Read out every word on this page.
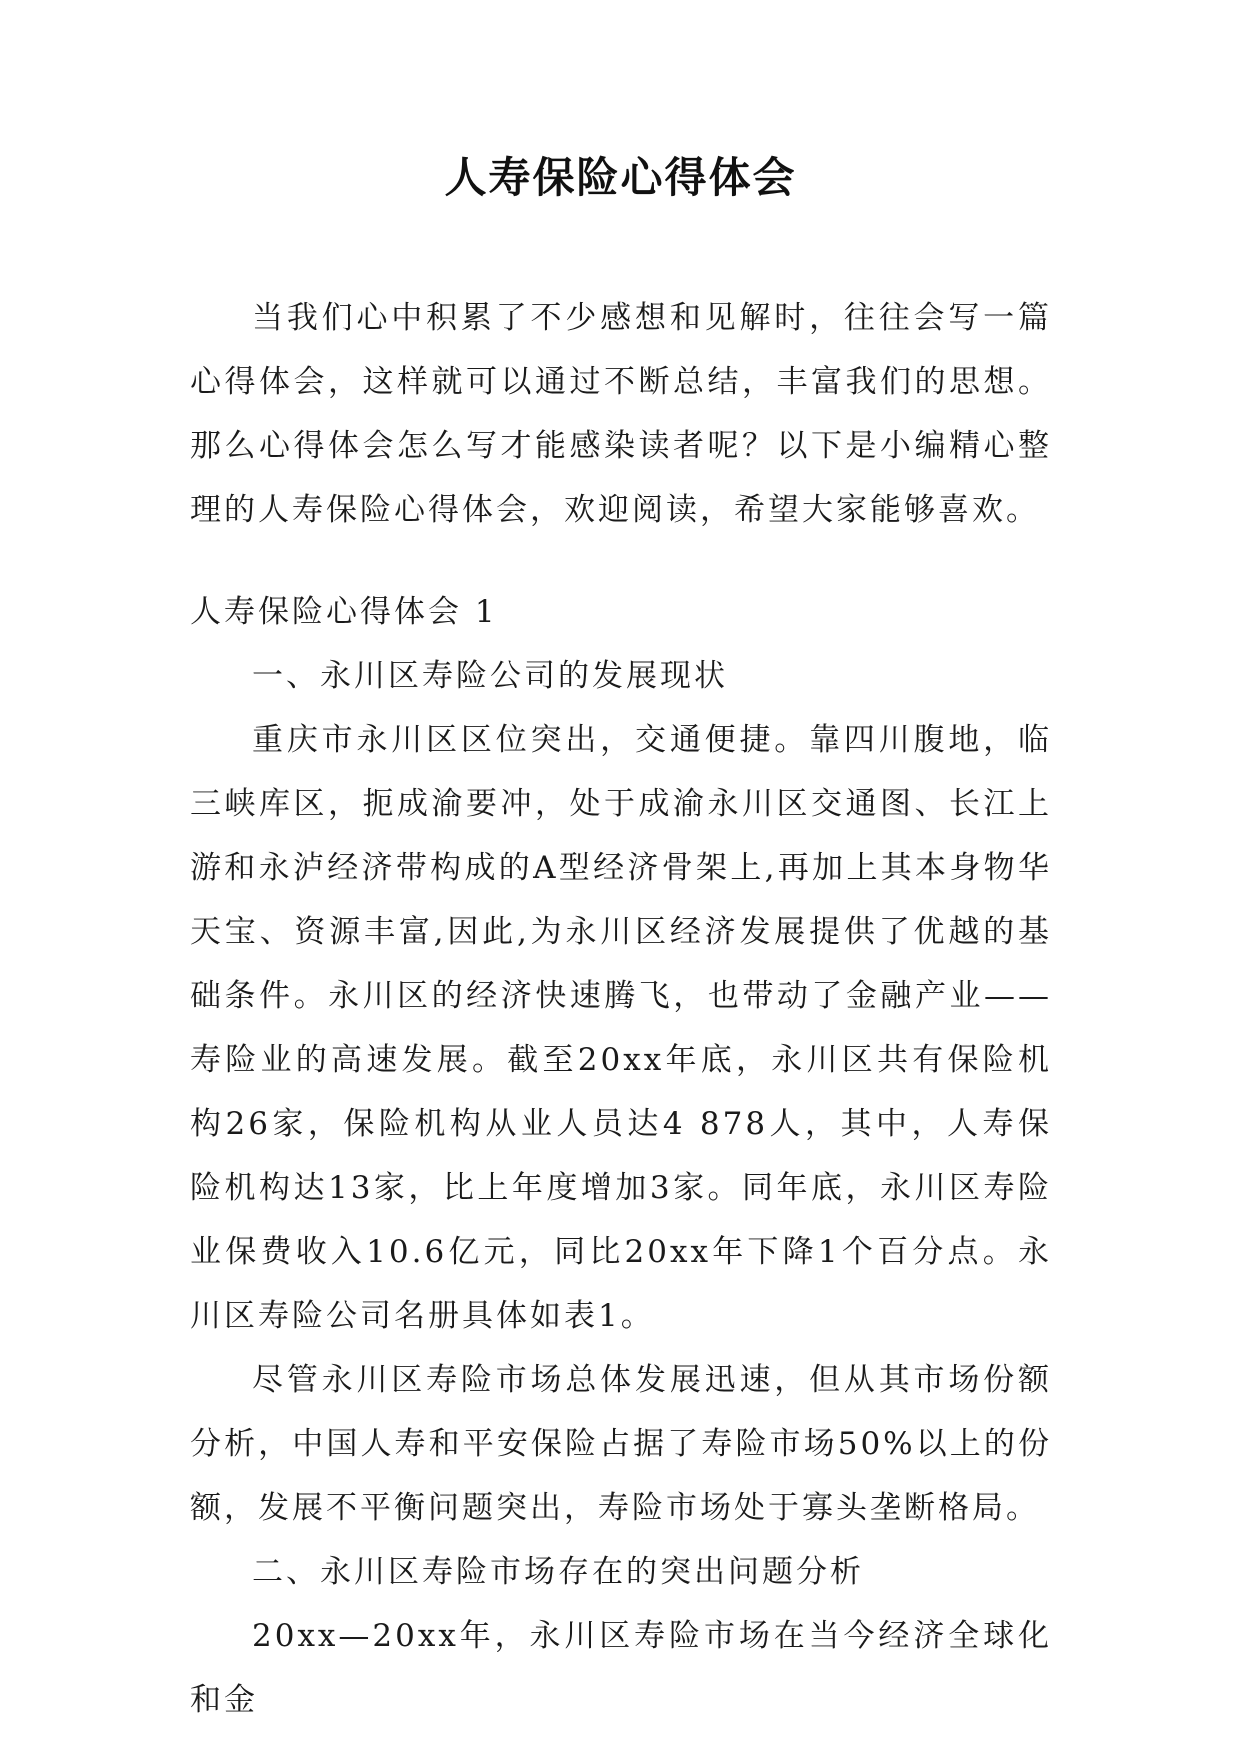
人寿保险心得体会

当我们心中积累了不少感想和见解时，往往会写一篇心得体会，这样就可以通过不断总结，丰富我们的思想。那么心得体会怎么写才能感染读者呢？以下是小编精心整理的人寿保险心得体会，欢迎阅读，希望大家能够喜欢。

人寿保险心得体会 1

一、永川区寿险公司的发展现状

重庆市永川区区位突出，交通便捷。靠四川腹地，临三峡库区，扼成渝要冲，处于成渝永川区交通图、长江上游和永泸经济带构成的A型经济骨架上,再加上其本身物华天宝、资源丰富,因此,为永川区经济发展提供了优越的基础条件。永川区的经济快速腾飞，也带动了金融产业——寿险业的高速发展。截至20xx年底，永川区共有保险机构26家，保险机构从业人员达4 878人，其中，人寿保险机构达13家，比上年度增加3家。同年底，永川区寿险业保费收入10.6亿元，同比20xx年下降1个百分点。永川区寿险公司名册具体如表1。

尽管永川区寿险市场总体发展迅速，但从其市场份额分析，中国人寿和平安保险占据了寿险市场50%以上的份额，发展不平衡问题突出，寿险市场处于寡头垄断格局。

二、永川区寿险市场存在的突出问题分析

20xx—20xx年，永川区寿险市场在当今经济全球化和金
